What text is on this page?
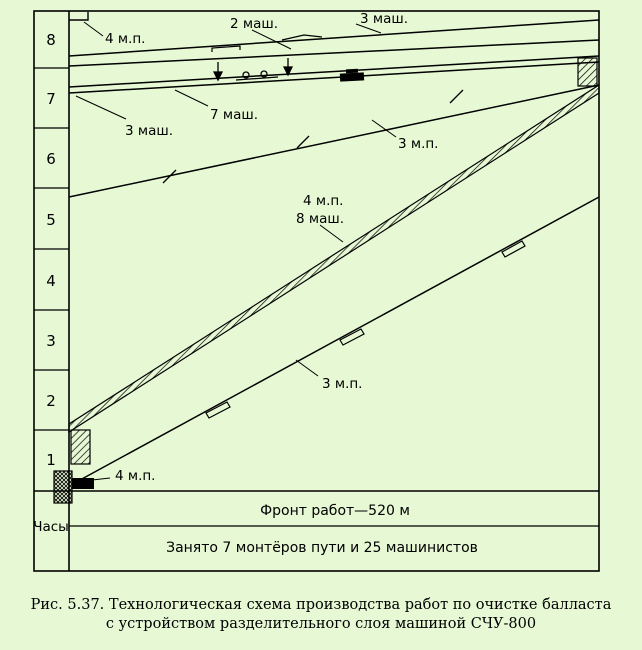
8
7
6
5
4
3
2
1
Часы
4 м.п.
2 маш.	3 маш.
7 маш.
3 маш.
3 м.п.
4 м.п.
8 маш.
3 м.п.
4 м.п.
Фронт работ—520 м
Занято 7 монтёров пути и 25 машинистов
Рис. 5.37. Технологическая схема производства работ по очистке балласта
с устройством разделительного слоя машиной СЧУ-800
